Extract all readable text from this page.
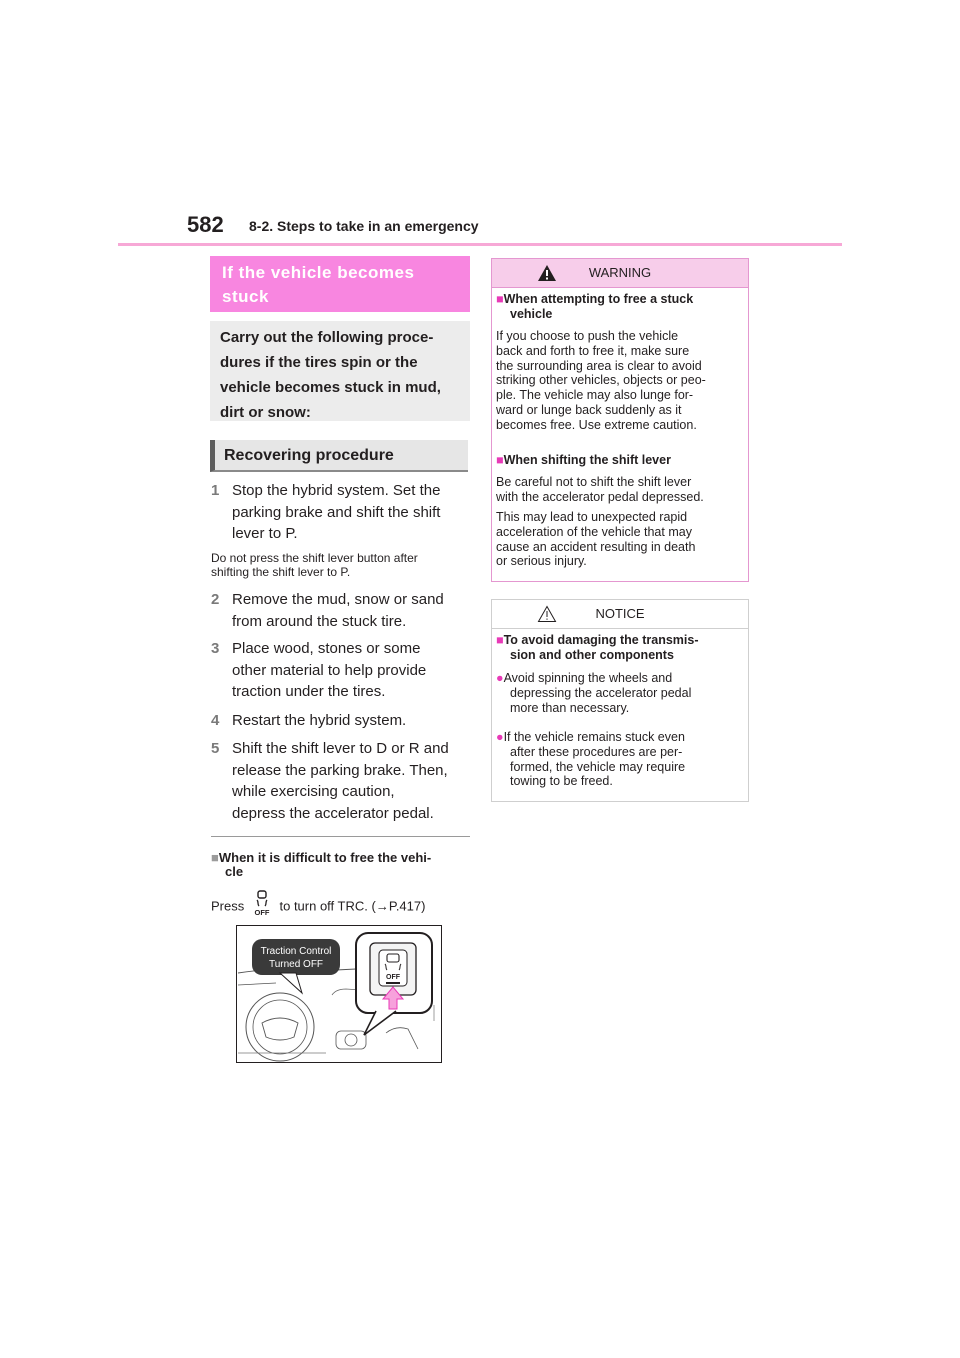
582 8-2. Steps to take in an emergency
If the vehicle becomes
stuck
Carry out the following proce-
dures if the tires spin or the
vehicle becomes stuck in mud,
dirt or snow:
Recovering procedure
1 Stop the hybrid system. Set the
parking brake and shift the shift
lever to P.
Do not press the shift lever button after
shifting the shift lever to P.
2 Remove the mud, snow or sand
from around the stuck tire.
3 Place wood, stones or some
other material to help provide
traction under the tires.
4 Restart the hybrid system.
5 Shift the shift lever to D or R and
release the parking brake. Then,
while exercising caution,
depress the accelerator pedal.
■When it is difficult to free the vehi-
cle
Press OFF to turn off TRC. (→P.417)
Traction Control
Turned OFF
OFF
WARNING
■When attempting to free a stuck
vehicle
If you choose to push the vehicle
back and forth to free it, make sure
the surrounding area is clear to avoid
striking other vehicles, objects or peo-
ple. The vehicle may also lunge for-
ward or lunge back suddenly as it
becomes free. Use extreme caution.
■When shifting the shift lever
Be careful not to shift the shift lever
with the accelerator pedal depressed.
This may lead to unexpected rapid
acceleration of the vehicle that may
cause an accident resulting in death
or serious injury.
NOTICE
■To avoid damaging the transmis-
sion and other components
●Avoid spinning the wheels and
depressing the accelerator pedal
more than necessary.
●If the vehicle remains stuck even
after these procedures are per-
formed, the vehicle may require
towing to be freed.
